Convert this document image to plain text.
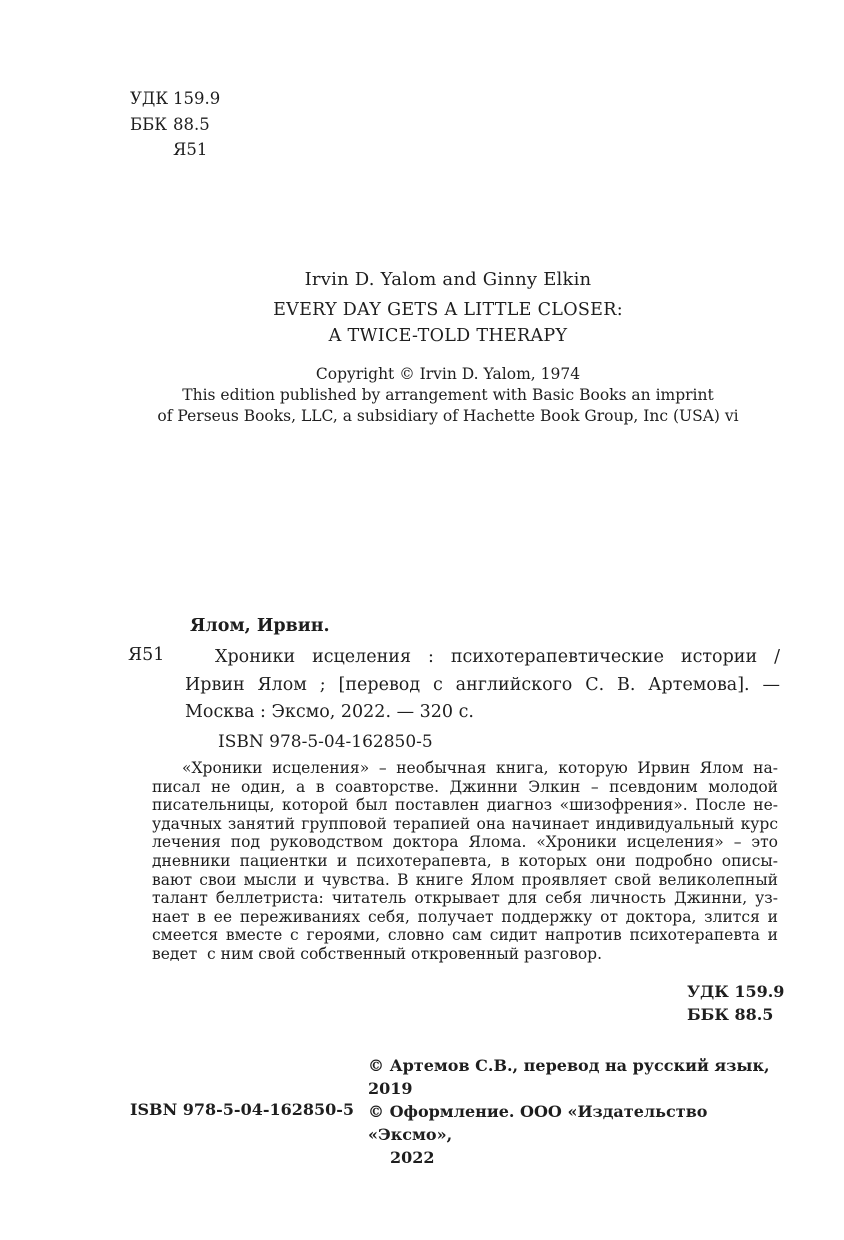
УДК 159.9
ББК 88.5
Я51
Irvin D. Yalom and Ginny Elkin
EVERY DAY GETS A LITTLE CLOSER:
A TWICE-TOLD THERAPY
Copyright © Irvin D. Yalom, 1974
This edition published by arrangement with Basic Books an imprint
of Perseus Books, LLC, a subsidiary of Hachette Book Group, Inc (USA) vi
Ялом, Ирвин.
Я51	Хроники исцеления : психотерапевтические истории /
Ирвин Ялом ; [перевод с английского С. В. Артемова]. —
Москва : Эксмо, 2022. — 320 с.
ISBN 978-5-04-162850-5
«Хроники исцеления» – необычная книга, которую Ирвин Ялом на-
писал не один, а в соавторстве. Джинни Элкин – псевдоним молодой
писательницы, которой был поставлен диагноз «шизофрения». После не-
удачных занятий групповой терапией она начинает индивидуальный курс
лечения под руководством доктора Ялома. «Хроники исцеления» – это
дневники пациентки и психотерапевта, в которых они подробно описы-
вают свои мысли и чувства. В книге Ялом проявляет свой великолепный
талант беллетриста: читатель открывает для себя личность Джинни, уз-
нает в ее переживаниях себя, получает поддержку от доктора, злится и
смеется вместе с героями, словно сам сидит напротив психотерапевта и
ведет  с ним свой собственный откровенный разговор.
УДК 159.9
ББК 88.5
© Артемов С.В., перевод на русский язык, 2019
© Оформление. ООО «Издательство «Эксмо»,
2022
ISBN 978-5-04-162850-5
